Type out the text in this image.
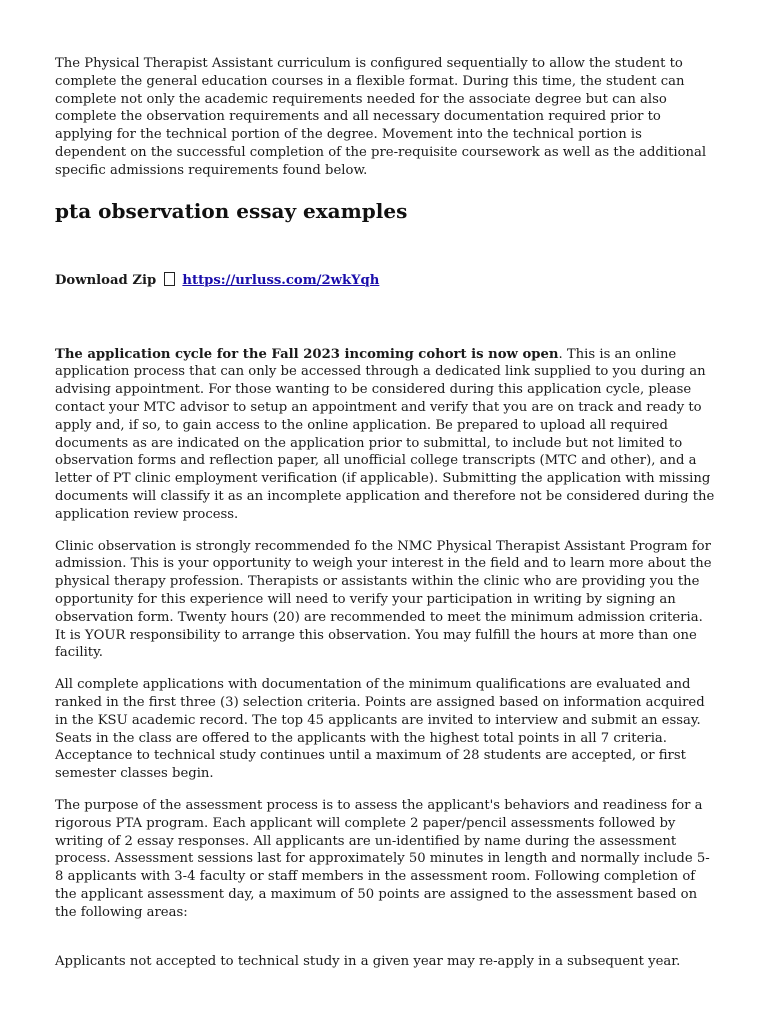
The Physical Therapist Assistant curriculum is configured sequentially to allow the student to complete the general education courses in a flexible format. During this time, the student can complete not only the academic requirements needed for the associate degree but can also complete the observation requirements and all necessary documentation required prior to applying for the technical portion of the degree. Movement into the technical portion is dependent on the successful completion of the pre-requisite coursework as well as the additional specific admissions requirements found below.

pta observation essay examples
Download Zip https://urluss.com/2wkYqh

The application cycle for the Fall 2023 incoming cohort is now open. This is an online application process that can only be accessed through a dedicated link supplied to you during an advising appointment. For those wanting to be considered during this application cycle, please contact your MTC advisor to setup an appointment and verify that you are on track and ready to apply and, if so, to gain access to the online application. Be prepared to upload all required documents as are indicated on the application prior to submittal, to include but not limited to observation forms and reflection paper, all unofficial college transcripts (MTC and other), and a letter of PT clinic employment verification (if applicable). Submitting the application with missing documents will classify it as an incomplete application and therefore not be considered during the application review process.

Clinic observation is strongly recommended fo the NMC Physical Therapist Assistant Program for admission. This is your opportunity to weigh your interest in the field and to learn more about the physical therapy profession. Therapists or assistants within the clinic who are providing you the opportunity for this experience will need to verify your participation in writing by signing an observation form. Twenty hours (20) are recommended to meet the minimum admission criteria. It is YOUR responsibility to arrange this observation. You may fulfill the hours at more than one facility.

All complete applications with documentation of the minimum qualifications are evaluated and ranked in the first three (3) selection criteria. Points are assigned based on information acquired in the KSU academic record. The top 45 applicants are invited to interview and submit an essay. Seats in the class are offered to the applicants with the highest total points in all 7 criteria. Acceptance to technical study continues until a maximum of 28 students are accepted, or first semester classes begin.

The purpose of the assessment process is to assess the applicant's behaviors and readiness for a rigorous PTA program. Each applicant will complete 2 paper/pencil assessments followed by writing of 2 essay responses. All applicants are un-identified by name during the assessment process. Assessment sessions last for approximately 50 minutes in length and normally include 5-8 applicants with 3-4 faculty or staff members in the assessment room. Following completion of the applicant assessment day, a maximum of 50 points are assigned to the assessment based on the following areas:

Applicants not accepted to technical study in a given year may re-apply in a subsequent year.
